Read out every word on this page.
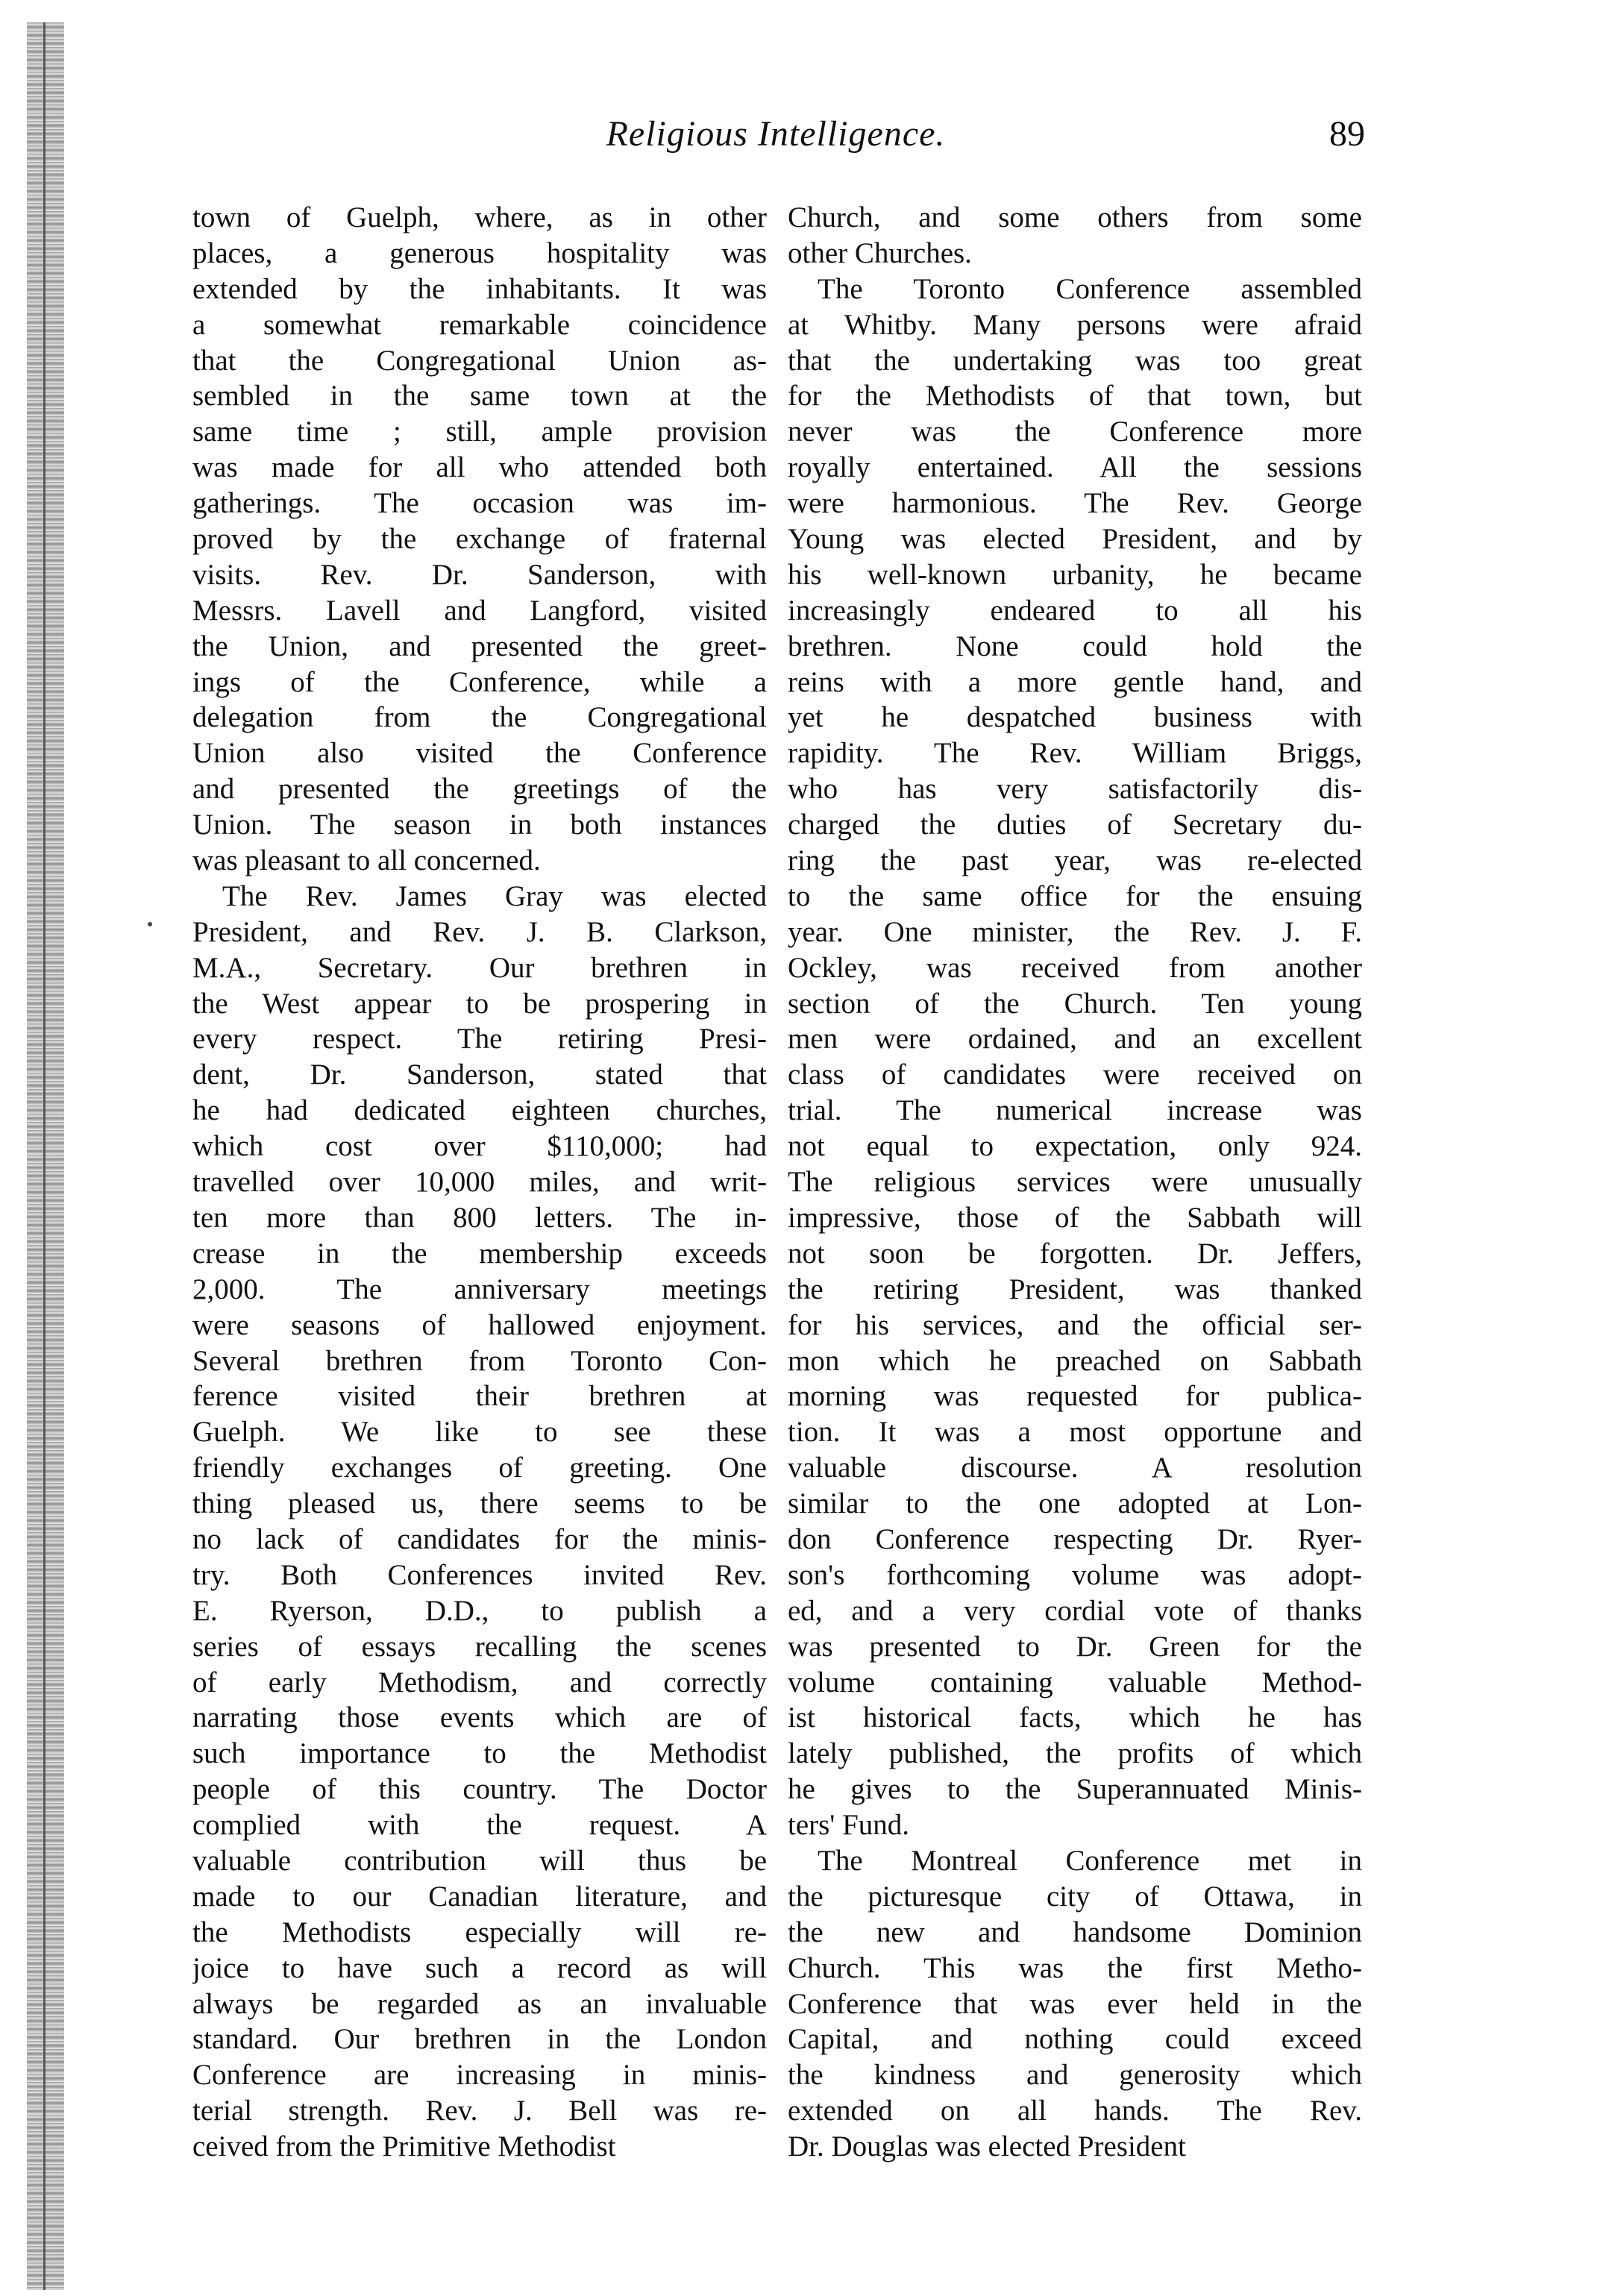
Religious Intelligence.	89
town of Guelph, where, as in other
places, a generous hospitality was
extended by the inhabitants. It was
a somewhat remarkable coincidence
that the Congregational Union as-
sembled in the same town at the
same time ; still, ample provision
was made for all who attended both
gatherings. The occasion was im-
proved by the exchange of fraternal
visits. Rev. Dr. Sanderson, with
Messrs. Lavell and Langford, visited
the Union, and presented the greet-
ings of the Conference, while a
delegation from the Congregational
Union also visited the Conference
and presented the greetings of the
Union. The season in both instances
was pleasant to all concerned.
The Rev. James Gray was elected
President, and Rev. J. B. Clarkson,
M.A., Secretary. Our brethren in
the West appear to be prospering in
every respect. The retiring Presi-
dent, Dr. Sanderson, stated that
he had dedicated eighteen churches,
which cost over $110,000; had
travelled over 10,000 miles, and writ-
ten more than 800 letters. The in-
crease in the membership exceeds
2,000. The anniversary meetings
were seasons of hallowed enjoyment.
Several brethren from Toronto Con-
ference visited their brethren at
Guelph. We like to see these
friendly exchanges of greeting. One
thing pleased us, there seems to be
no lack of candidates for the minis-
try. Both Conferences invited Rev.
E. Ryerson, D.D., to publish a
series of essays recalling the scenes
of early Methodism, and correctly
narrating those events which are of
such importance to the Methodist
people of this country. The Doctor
complied with the request. A
valuable contribution will thus be
made to our Canadian literature, and
the Methodists especially will re-
joice to have such a record as will
always be regarded as an invaluable
standard. Our brethren in the London
Conference are increasing in minis-
terial strength. Rev. J. Bell was re-
ceived from the Primitive Methodist
Church, and some others from some
other Churches.
The Toronto Conference assembled
at Whitby. Many persons were afraid
that the undertaking was too great
for the Methodists of that town, but
never was the Conference more
royally entertained. All the sessions
were harmonious. The Rev. George
Young was elected President, and by
his well-known urbanity, he became
increasingly endeared to all his
brethren. None could hold the
reins with a more gentle hand, and
yet he despatched business with
rapidity. The Rev. William Briggs,
who has very satisfactorily dis-
charged the duties of Secretary du-
ring the past year, was re-elected
to the same office for the ensuing
year. One minister, the Rev. J. F.
Ockley, was received from another
section of the Church. Ten young
men were ordained, and an excellent
class of candidates were received on
trial. The numerical increase was
not equal to expectation, only 924.
The religious services were unusually
impressive, those of the Sabbath will
not soon be forgotten. Dr. Jeffers,
the retiring President, was thanked
for his services, and the official ser-
mon which he preached on Sabbath
morning was requested for publica-
tion. It was a most opportune and
valuable discourse. A resolution
similar to the one adopted at Lon-
don Conference respecting Dr. Ryer-
son's forthcoming volume was adopt-
ed, and a very cordial vote of thanks
was presented to Dr. Green for the
volume containing valuable Method-
ist historical facts, which he has
lately published, the profits of which
he gives to the Superannuated Minis-
ters' Fund.
The Montreal Conference met in
the picturesque city of Ottawa, in
the new and handsome Dominion
Church. This was the first Metho-
Conference that was ever held in the
Capital, and nothing could exceed
the kindness and generosity which
extended on all hands. The Rev.
Dr. Douglas was elected President
